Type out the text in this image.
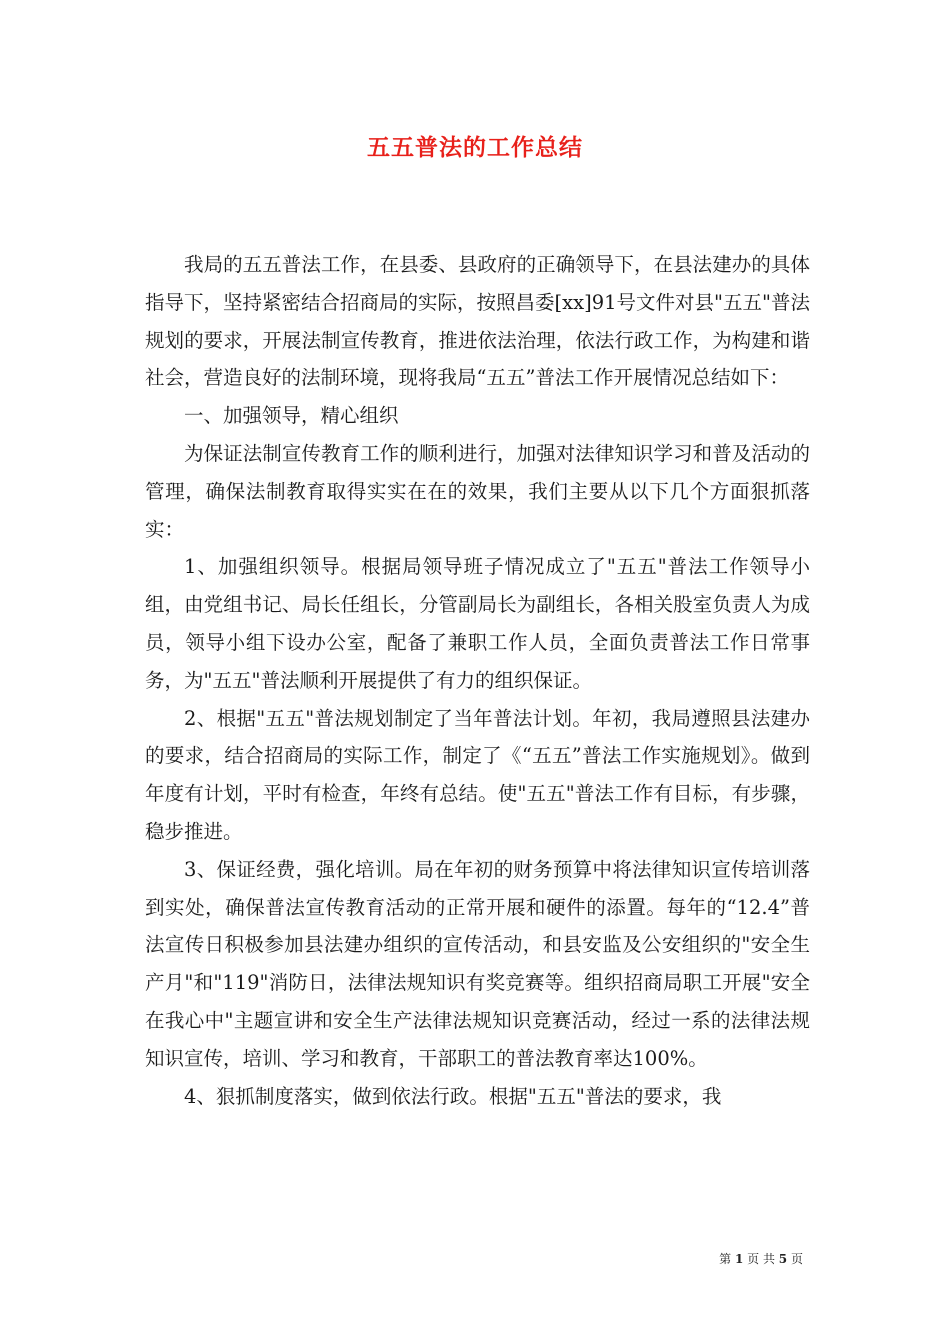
五五普法的工作总结

我局的五五普法工作，在县委、县政府的正确领导下，在县法建办的具体指导下，坚持紧密结合招商局的实际，按照昌委[xx]91号文件对县"五五"普法规划的要求，开展法制宣传教育，推进依法治理，依法行政工作，为构建和谐社会，营造良好的法制环境，现将我局“五五”普法工作开展情况总结如下：

一、加强领导，精心组织

为保证法制宣传教育工作的顺利进行，加强对法律知识学习和普及活动的管理，确保法制教育取得实实在在的效果，我们主要从以下几个方面狠抓落实：

1、加强组织领导。根据局领导班子情况成立了"五五"普法工作领导小组，由党组书记、局长任组长，分管副局长为副组长，各相关股室负责人为成员，领导小组下设办公室，配备了兼职工作人员，全面负责普法工作日常事务，为"五五"普法顺利开展提供了有力的组织保证。

2、根据"五五"普法规划制定了当年普法计划。年初，我局遵照县法建办的要求，结合招商局的实际工作，制定了《“五五”普法工作实施规划》。做到年度有计划，平时有检查，年终有总结。使"五五"普法工作有目标，有步骤，稳步推进。

3、保证经费，强化培训。局在年初的财务预算中将法律知识宣传培训落到实处，确保普法宣传教育活动的正常开展和硬件的添置。每年的“12.4”普法宣传日积极参加县法建办组织的宣传活动，和县安监及公安组织的"安全生产月"和"119"消防日，法律法规知识有奖竞赛等。组织招商局职工开展"安全在我心中"主题宣讲和安全生产法律法规知识竞赛活动，经过一系的法律法规知识宣传，培训、学习和教育，干部职工的普法教育率达100%。

4、狠抓制度落实，做到依法行政。根据"五五"普法的要求，我

第 1 页 共 5 页
